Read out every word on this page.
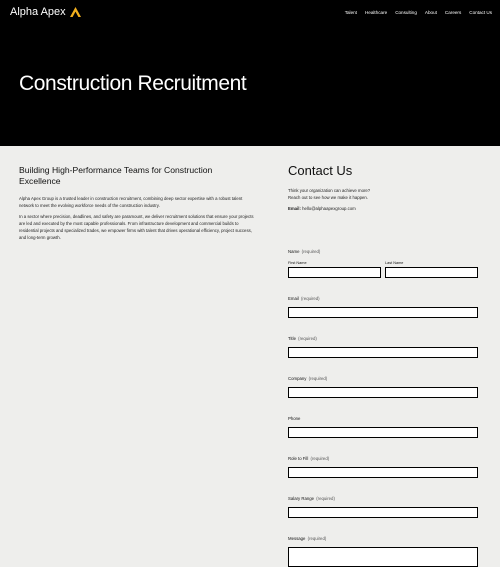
Alpha Apex	Talent Healthcare Consulting About Careers Contact Us
Construction Recruitment
Building High-Performance Teams for Construction Excellence

Alpha Apex Group is a trusted leader in construction recruitment, combining deep sector expertise with a robust talent network to meet the evolving workforce needs of the construction industry.

In a sector where precision, deadlines, and safety are paramount, we deliver recruitment solutions that ensure your projects are led and executed by the most capable professionals. From infrastructure development and commercial builds to residential projects and specialized trades, we empower firms with talent that drives operational efficiency, project success, and long-term growth.

Contact Us

Think your organization can achieve more?

Reach out to see how we make it happen.

Email: hello@alphaapexgroup.com
Name (required)
First Name	Last Name
Email (required)
Title (required)
Company (required)
Phone
Role to Fill (required)
Salary Range (required)
Message (required)
